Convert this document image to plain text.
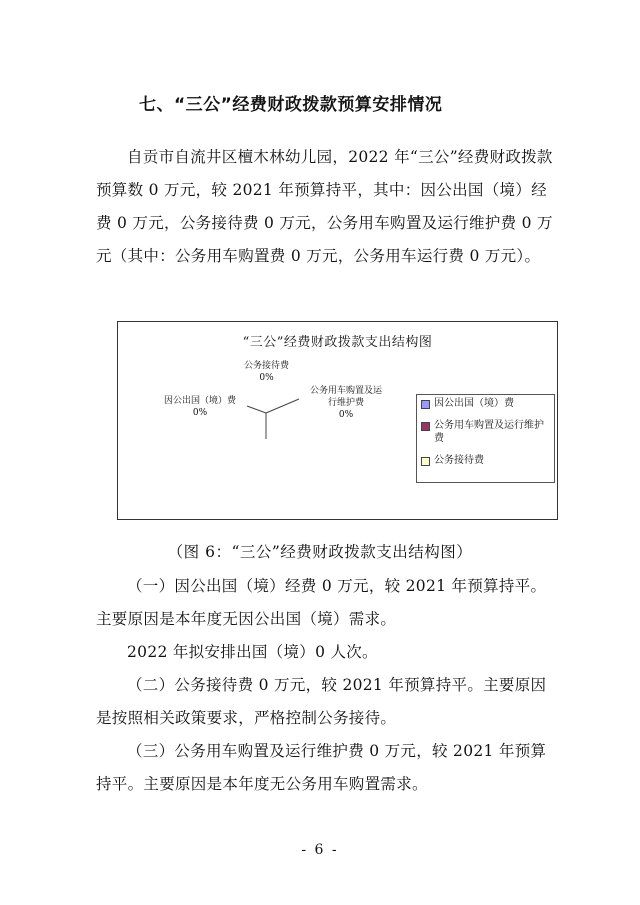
七、“三公”经费财政拨款预算安排情况

自贡市自流井区檀木林幼儿园，2022 年“三公”经费财政拨款预算数 0 万元，较 2021 年预算持平，其中：因公出国（境）经费 0 万元，公务接待费 0 万元，公务用车购置及运行维护费 0 万元（其中：公务用车购置费 0 万元，公务用车运行费 0 万元）。

“三公”经费财政拨款支出结构图
公务接待费
0%
公务用车购置及运
行维护费
0%
因公出国（境）费
0%
因公出国（境）费
公务用车购置及运行维护
费
公务接待费

（图 6：“三公”经费财政拨款支出结构图）

（一）因公出国（境）经费 0 万元，较 2021 年预算持平。主要原因是本年度无因公出国（境）需求。

2022 年拟安排出国（境）0 人次。

（二）公务接待费 0 万元，较 2021 年预算持平。主要原因是按照相关政策要求，严格控制公务接待。

（三）公务用车购置及运行维护费 0 万元，较 2021 年预算持平。主要原因是本年度无公务用车购置需求。

- 6 -
